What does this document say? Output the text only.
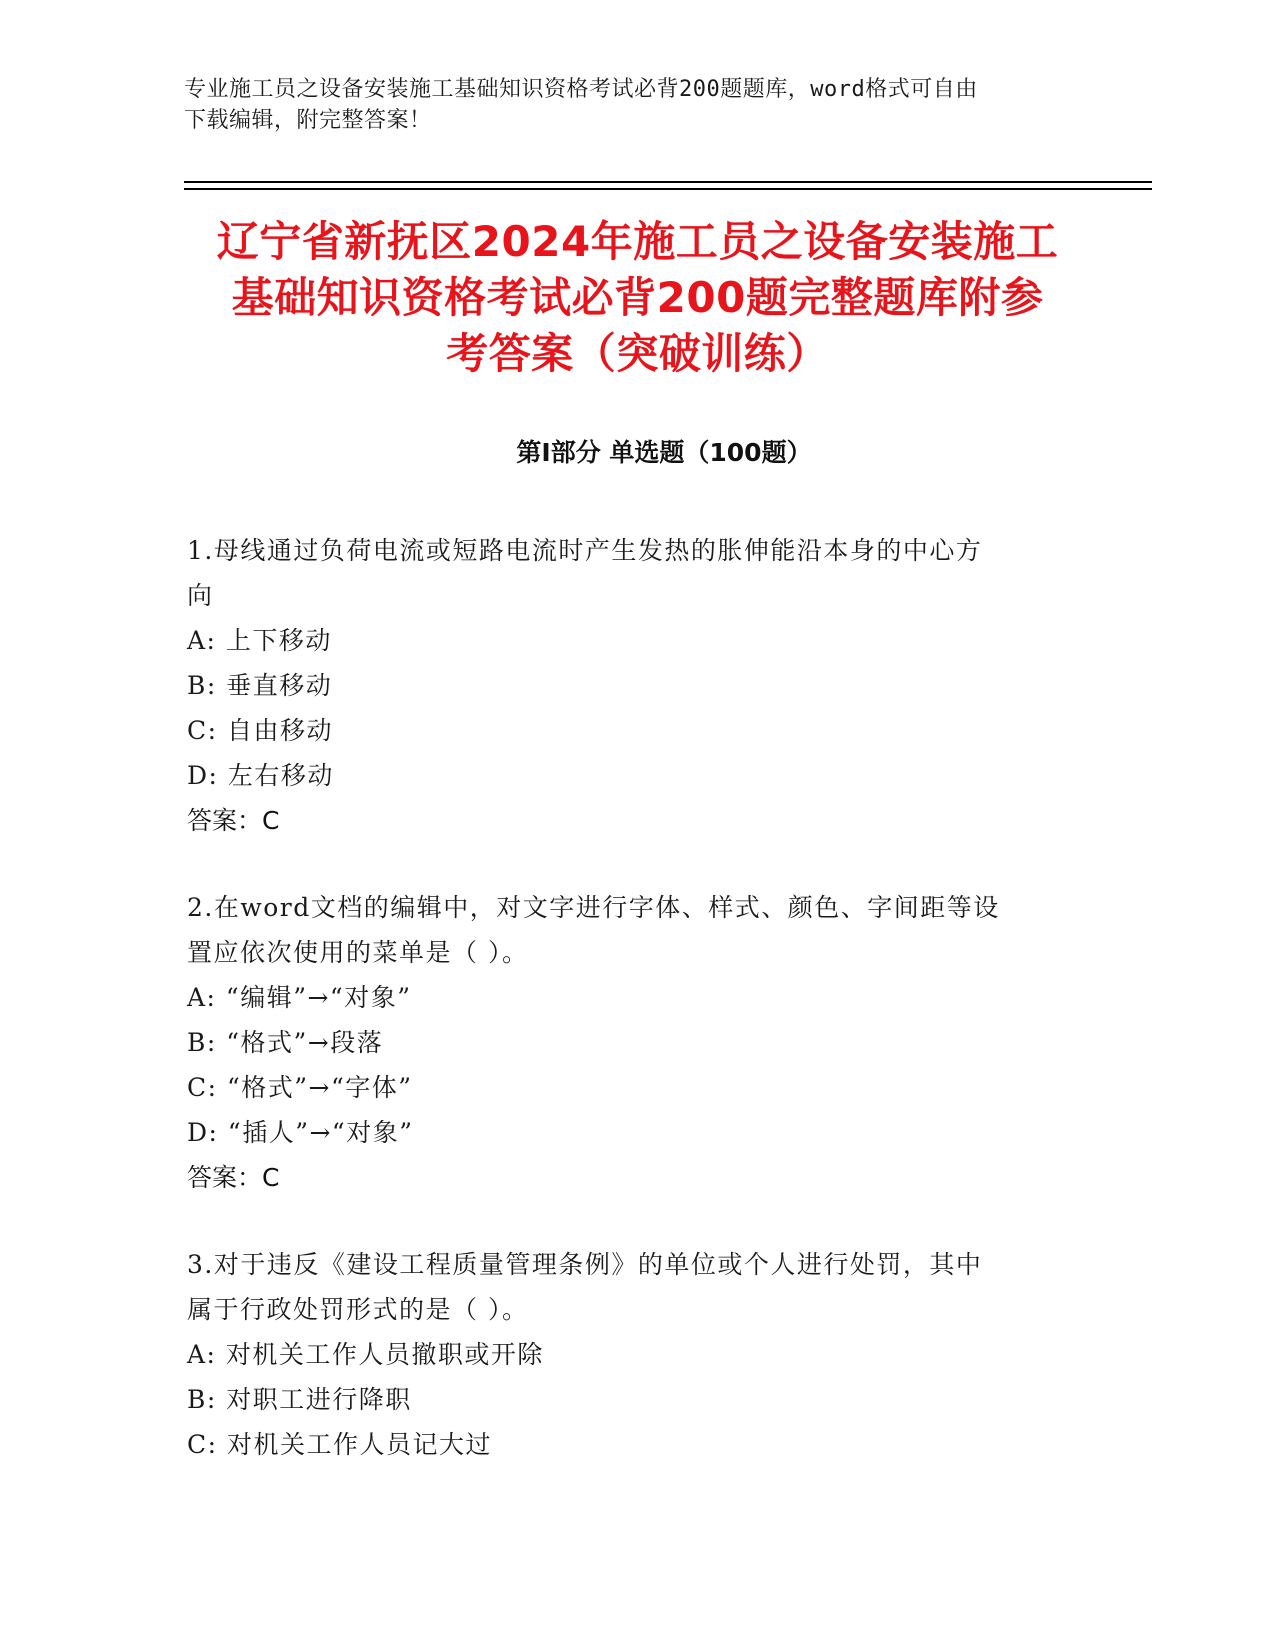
专业施工员之设备安装施工基础知识资格考试必背200题题库，word格式可自由
下载编辑，附完整答案！
辽宁省新抚区2024年施工员之设备安装施工
基础知识资格考试必背200题完整题库附参
考答案（突破训练）
第Ⅰ部分 单选题（100题）
1.母线通过负荷电流或短路电流时产生发热的胀伸能沿本身的中心方
向
A: 上下移动
B: 垂直移动
C: 自由移动
D: 左右移动
答案：C
2.在word文档的编辑中，对文字进行字体、样式、颜色、字间距等设
置应依次使用的菜单是（ ）。
A: “编辑”→“对象”
B: “格式”→段落
C: “格式”→“字体”
D: “插人”→“对象”
答案：C
3.对于违反《建设工程质量管理条例》的单位或个人进行处罚，其中
属于行政处罚形式的是（ ）。
A: 对机关工作人员撤职或开除
B: 对职工进行降职
C: 对机关工作人员记大过
